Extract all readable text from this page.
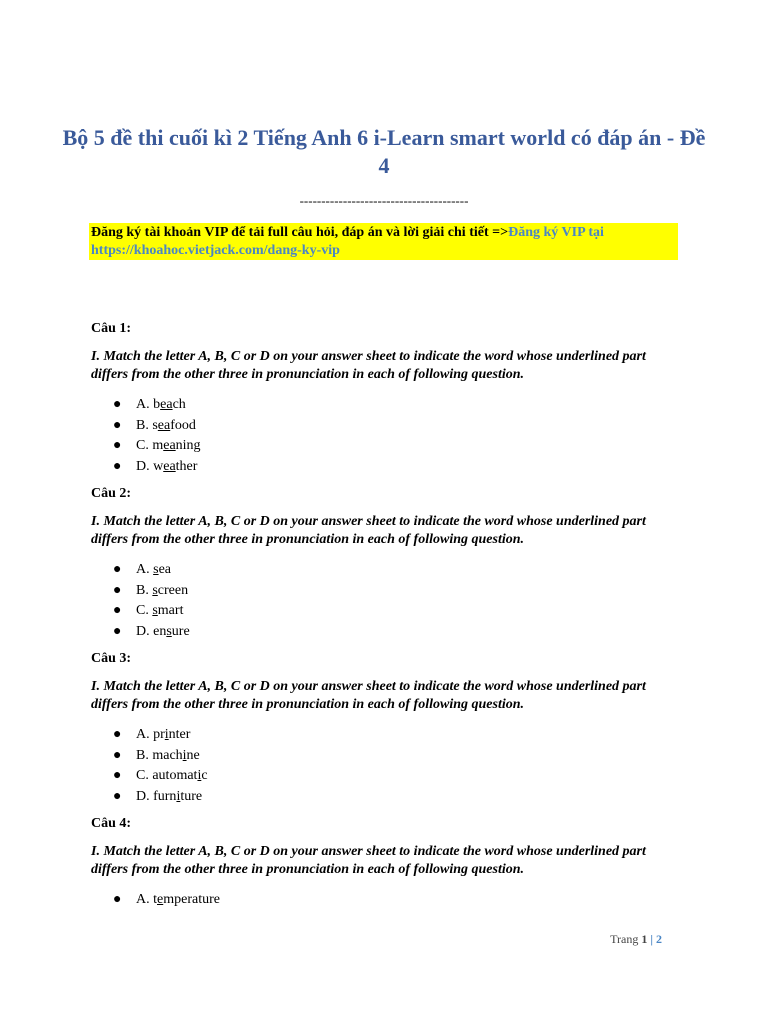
Bộ 5 đề thi cuối kì 2 Tiếng Anh 6 i-Learn smart world có đáp án - Đề 4
---------------------------------------
Đăng ký tài khoản VIP để tải full câu hỏi, đáp án và lời giải chi tiết =>Đăng ký VIP tại https://khoahoc.vietjack.com/dang-ky-vip

Câu 1:

I. Match the letter A, B, C or D on your answer sheet to indicate the word whose underlined part differs from the other three in pronunciation in each of following question.

● A. beach
● B. seafood
● C. meaning
● D. weather

Câu 2:

I. Match the letter A, B, C or D on your answer sheet to indicate the word whose underlined part differs from the other three in pronunciation in each of following question.

● A. sea
● B. screen
● C. smart
● D. ensure

Câu 3:

I. Match the letter A, B, C or D on your answer sheet to indicate the word whose underlined part differs from the other three in pronunciation in each of following question.

● A. printer
● B. machine
● C. automatic
● D. furniture

Câu 4:

I. Match the letter A, B, C or D on your answer sheet to indicate the word whose underlined part differs from the other three in pronunciation in each of following question.

● A. temperature
Trang 1 | 2
